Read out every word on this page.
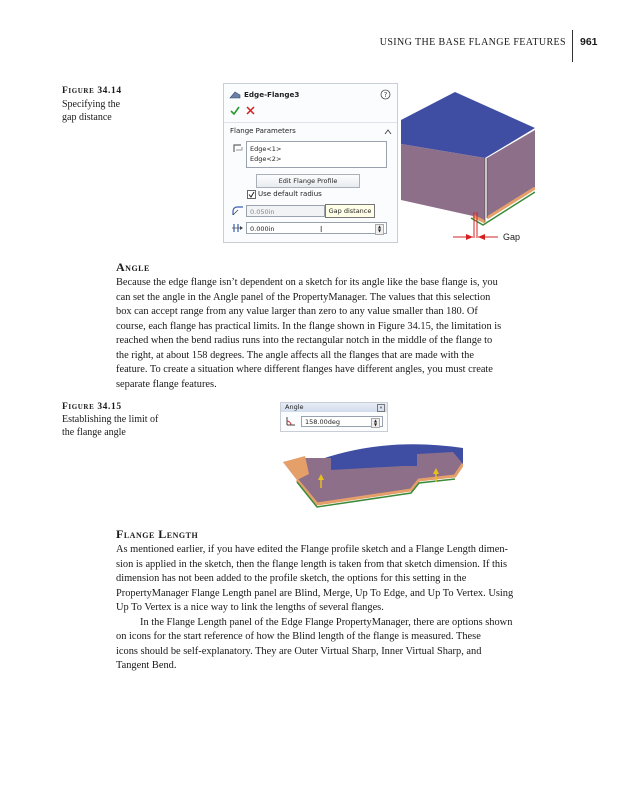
USING THE BASE FLANGE FEATURES 961
Figure 34.14
Specifying the
gap distance
Edge-Flange3	?
Flange Parameters
Edge<1>
Edge<2>
Edit Flange Profile
Use default radius
0.050in	Gap distance
0.000in	▲
▼
I
Gap
Angle
Because the edge flange isn’t dependent on a sketch for its angle like the base flange is, you
can set the angle in the Angle panel of the PropertyManager. The values that this selection
box can accept range from any value larger than zero to any value smaller than 180. Of
course, each flange has practical limits. In the flange shown in Figure 34.15, the limitation is
reached when the bend radius runs into the rectangular notch in the middle of the flange to
the right, at about 158 degrees. The angle affects all the flanges that are made with the
feature. To create a situation where different flanges have different angles, you must create
separate flange features.
Figure 34.15
Establishing the limit of
the flange angle
Angle	«
158.00deg	▲
▼
Flange Length
As mentioned earlier, if you have edited the Flange profile sketch and a Flange Length dimen-
sion is applied in the sketch, then the flange length is taken from that sketch dimension. If this
dimension has not been added to the profile sketch, the options for this setting in the
PropertyManager Flange Length panel are Blind, Merge, Up To Edge, and Up To Vertex. Using
Up To Vertex is a nice way to link the lengths of several flanges.
In the Flange Length panel of the Edge Flange PropertyManager, there are options shown
on icons for the start reference of how the Blind length of the flange is measured. These
icons should be self-explanatory. They are Outer Virtual Sharp, Inner Virtual Sharp, and
Tangent Bend.
